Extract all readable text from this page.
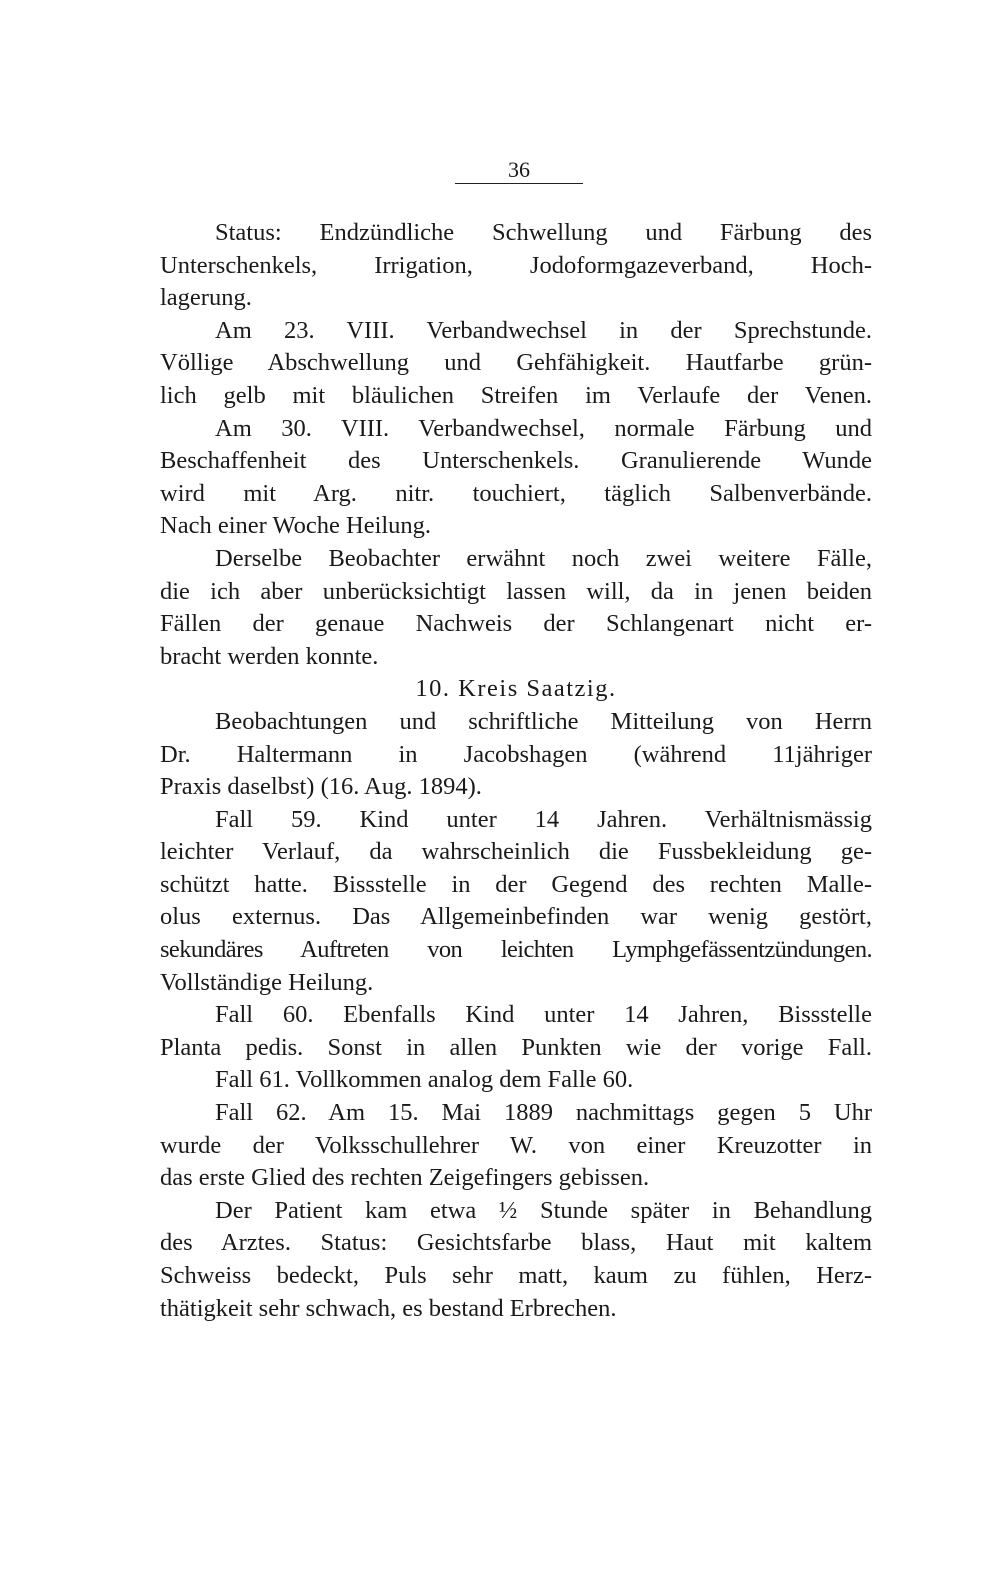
36
Status: Endzündliche Schwellung und Färbung des
Unterschenkels, Irrigation, Jodoformgazeverband, Hoch-
lagerung.
Am 23. VIII. Verbandwechsel in der Sprechstunde.
Völlige Abschwellung und Gehfähigkeit. Hautfarbe grün-
lich gelb mit bläulichen Streifen im Verlaufe der Venen.
Am 30. VIII. Verbandwechsel, normale Färbung und
Beschaffenheit des Unterschenkels. Granulierende Wunde
wird mit Arg. nitr. touchiert, täglich Salbenverbände.
Nach einer Woche Heilung.
Derselbe Beobachter erwähnt noch zwei weitere Fälle,
die ich aber unberücksichtigt lassen will, da in jenen beiden
Fällen der genaue Nachweis der Schlangenart nicht er-
bracht werden konnte.
10. Kreis Saatzig.
Beobachtungen und schriftliche Mitteilung von Herrn
Dr. Haltermann in Jacobshagen (während 11jähriger
Praxis daselbst) (16. Aug. 1894).
Fall 59. Kind unter 14 Jahren. Verhältnismässig
leichter Verlauf, da wahrscheinlich die Fussbekleidung ge-
schützt hatte. Bissstelle in der Gegend des rechten Malle-
olus externus. Das Allgemeinbefinden war wenig gestört,
sekundäres Auftreten von leichten Lymphgefässentzündungen.
Vollständige Heilung.
Fall 60. Ebenfalls Kind unter 14 Jahren, Bissstelle
Planta pedis. Sonst in allen Punkten wie der vorige Fall.
Fall 61. Vollkommen analog dem Falle 60.
Fall 62. Am 15. Mai 1889 nachmittags gegen 5 Uhr
wurde der Volksschullehrer W. von einer Kreuzotter in
das erste Glied des rechten Zeigefingers gebissen.
Der Patient kam etwa ½ Stunde später in Behandlung
des Arztes. Status: Gesichtsfarbe blass, Haut mit kaltem
Schweiss bedeckt, Puls sehr matt, kaum zu fühlen, Herz-
thätigkeit sehr schwach, es bestand Erbrechen.
